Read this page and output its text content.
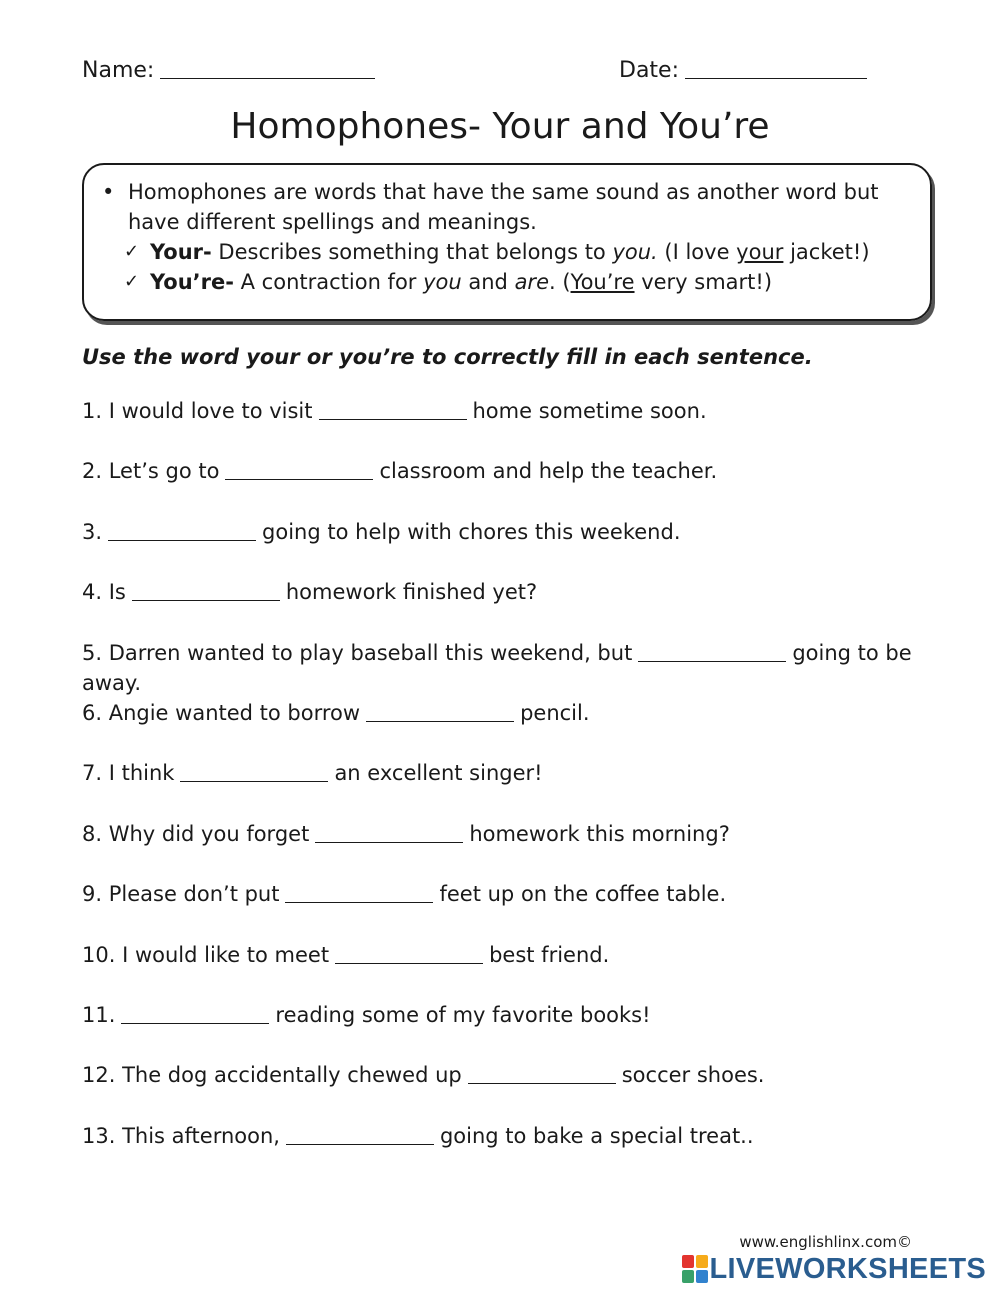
Name:	Date:
Homophones- Your and You’re
• Homophones are words that have the same sound as another word but have different spellings and meanings.
✓ Your- Describes something that belongs to you. (I love your jacket!)
✓ You’re- A contraction for you and are. (You’re very smart!)
Use the word your or you’re to correctly fill in each sentence.
1. I would love to visit	home sometime soon.
2. Let’s go to	classroom and help the teacher.
3.	going to help with chores this weekend.
4. Is	homework finished yet?
5. Darren wanted to play baseball this weekend, but	going to be away.
6. Angie wanted to borrow	pencil.
7. I think	an excellent singer!
8. Why did you forget	homework this morning?
9. Please don’t put	feet up on the coffee table.
10. I would like to meet	best friend.
11.	reading some of my favorite books!
12. The dog accidentally chewed up	soccer shoes.
13. This afternoon,	going to bake a special treat..
www.englishlinx.com©
LIVEWORKSHEETS
